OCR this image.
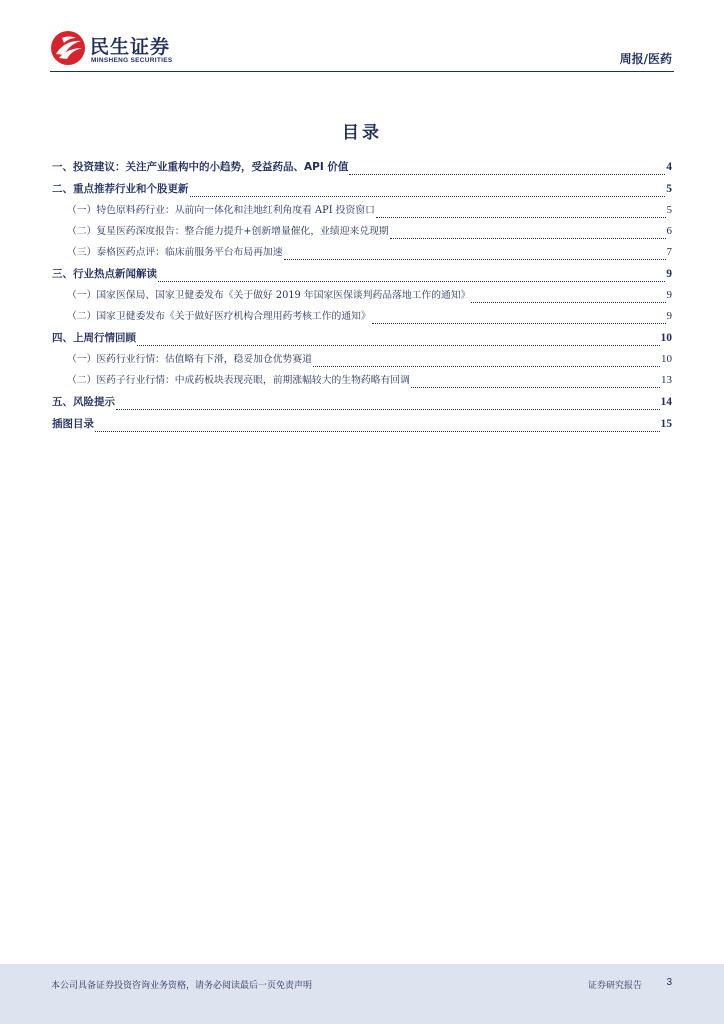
民生证券
MINSHENG SECURITIES	周报/医药
目录
一、投资建议：关注产业重构中的小趋势，受益药品、API 价值	4
二、重点推荐行业和个股更新	5
（一）特色原料药行业：从前向一体化和洼地红利角度看 API 投资窗口	5
（二）复星医药深度报告：整合能力提升+创新增量催化，业绩迎来兑现期	6
（三）泰格医药点评：临床前服务平台布局再加速	7
三、行业热点新闻解读	9
（一）国家医保局、国家卫健委发布《关于做好 2019 年国家医保谈判药品落地工作的通知》	9
（二）国家卫健委发布《关于做好医疗机构合理用药考核工作的通知》	9
四、上周行情回顾	10
（一）医药行业行情：估值略有下滑，稳妥加仓优势赛道	10
（二）医药子行业行情：中成药板块表现亮眼，前期涨幅较大的生物药略有回调	13
五、风险提示	14
插图目录	15
本公司具备证券投资咨询业务资格，请务必阅读最后一页免责声明	证券研究报告 3
